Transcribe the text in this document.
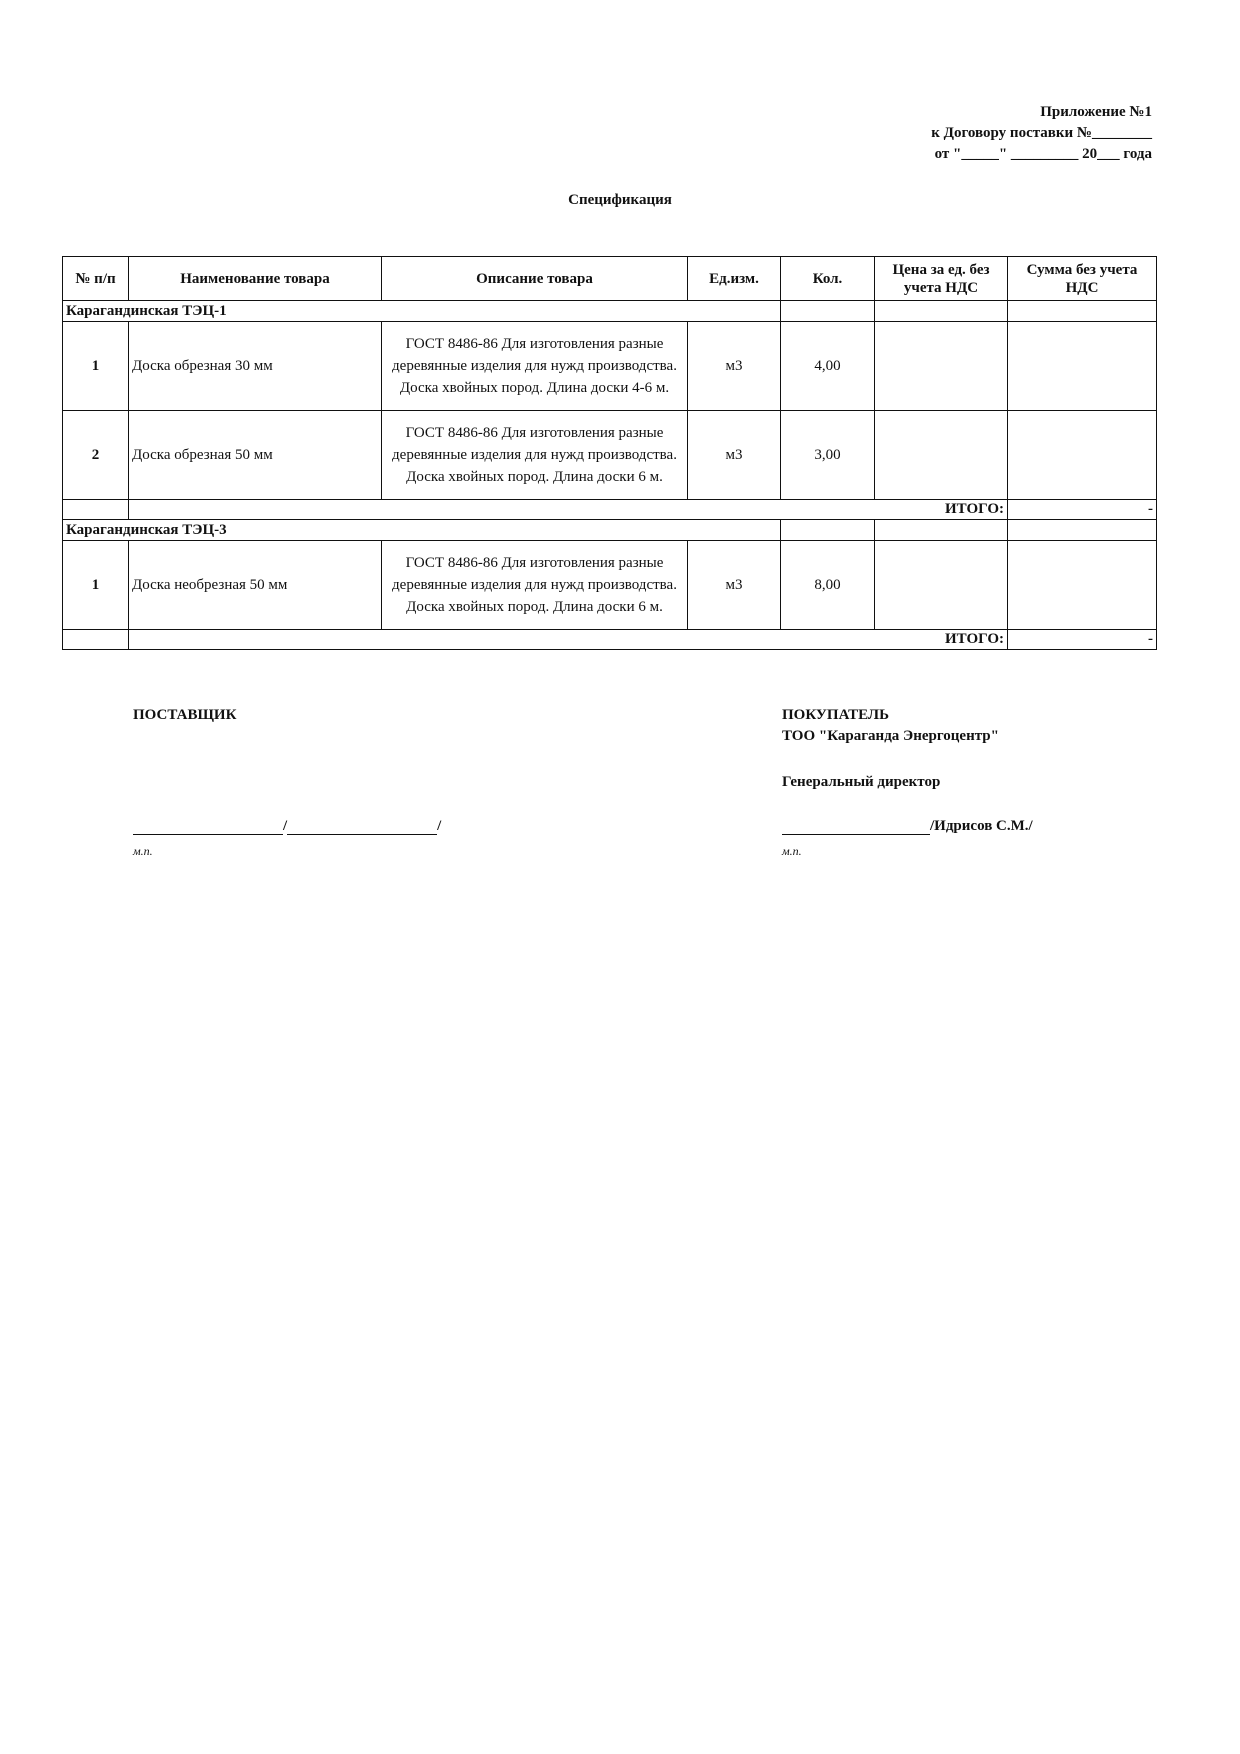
Приложение №1
к Договору поставки №________
от "_____" _________ 20___ года
Спецификация
№ п/п	Наименование товара	Описание товара	Ед.изм.	Кол.	Цена за ед. без учета НДС	Сумма без учета НДС
Карагандинская ТЭЦ-1						
1	Доска обрезная 30 мм	ГОСТ 8486-86 Для изготовления разные деревянные изделия для нужд производства. Доска хвойных пород. Длина доски 4-6 м.	м3	4,00		
2	Доска обрезная 50 мм	ГОСТ 8486-86 Для изготовления разные деревянные изделия для нужд производства. Доска хвойных пород. Длина доски 6 м.	м3	3,00		
	ИТОГО:					-
Карагандинская ТЭЦ-3						
1	Доска необрезная 50 мм	ГОСТ 8486-86 Для изготовления разные деревянные изделия для нужд производства. Доска хвойных пород. Длина доски 6 м.	м3	8,00		
	ИТОГО:					-
ПОСТАВЩИК	ПОКУПАТЕЛЬ
ТОО "Караганда Энергоцентр"
Генеральный директор
/	/	/Идрисов С.М./
м.п.	м.п.
